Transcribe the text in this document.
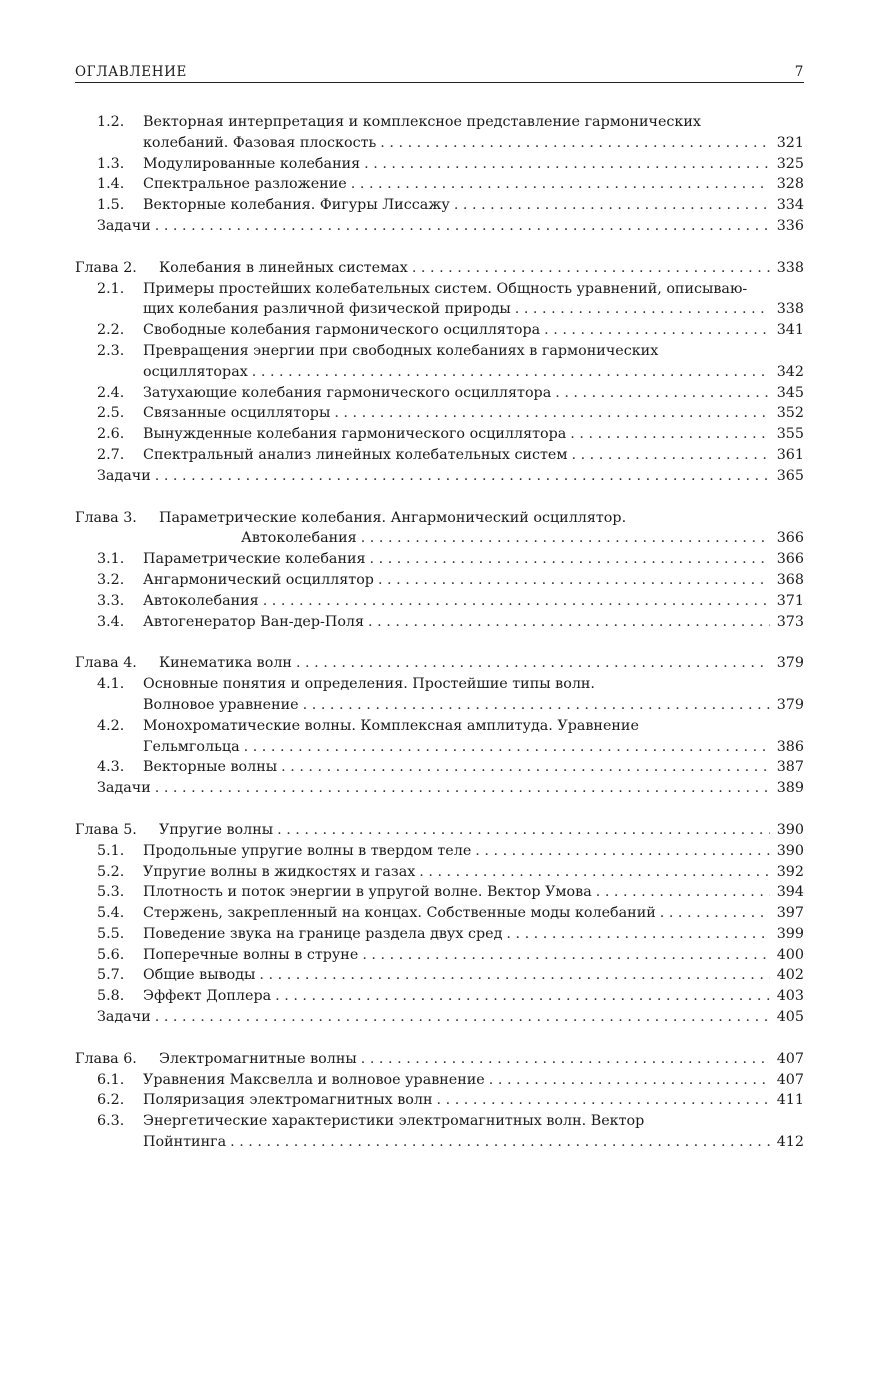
ОГЛАВЛЕНИЕ	7
1.2.	Векторная интерпретация и комплексное представление гармонических
колебаний. Фазовая плоскость . . .	321
1.3.	Модулированные колебания . . .	325
1.4.	Спектральное разложение . . .	328
1.5.	Векторные колебания. Фигуры Лиссажу . . .	334
Задачи . . .	336
Глава 2.	Колебания в линейных системах . . .	338
2.1.	Примеры простейших колебательных систем. Общность уравнений, описываю-
щих колебания различной физической природы . . .	338
2.2.	Свободные колебания гармонического осциллятора . . .	341
2.3.	Превращения энергии при свободных колебаниях в гармонических
осцилляторах . . .	342
2.4.	Затухающие колебания гармонического осциллятора . . .	345
2.5.	Связанные осцилляторы . . .	352
2.6.	Вынужденные колебания гармонического осциллятора . . .	355
2.7.	Спектральный анализ линейных колебательных систем . . .	361
Задачи . . .	365
Глава 3.	Параметрические колебания. Ангармонический осциллятор.
Автоколебания . . .	366
3.1.	Параметрические колебания . . .	366
3.2.	Ангармонический осциллятор . . .	368
3.3.	Автоколебания . . .	371
3.4.	Автогенератор Ван-дер-Поля . . .	373
Глава 4.	Кинематика волн . . .	379
4.1.	Основные понятия и определения. Простейшие типы волн.
Волновое уравнение . . .	379
4.2.	Монохроматические волны. Комплексная амплитуда. Уравнение
Гельмгольца . . .	386
4.3.	Векторные волны . . .	387
Задачи . . .	389
Глава 5.	Упругие волны . . .	390
5.1.	Продольные упругие волны в твердом теле . . .	390
5.2.	Упругие волны в жидкостях и газах . . .	392
5.3.	Плотность и поток энергии в упругой волне. Вектор Умова . . .	394
5.4.	Стержень, закрепленный на концах. Собственные моды колебаний . . .	397
5.5.	Поведение звука на границе раздела двух сред . . .	399
5.6.	Поперечные волны в струне . . .	400
5.7.	Общие выводы . . .	402
5.8.	Эффект Доплера . . .	403
Задачи . . .	405
Глава 6.	Электромагнитные волны . . .	407
6.1.	Уравнения Максвелла и волновое уравнение . . .	407
6.2.	Поляризация электромагнитных волн . . .	411
6.3.	Энергетические характеристики электромагнитных волн. Вектор
Пойнтинга . . .	412
